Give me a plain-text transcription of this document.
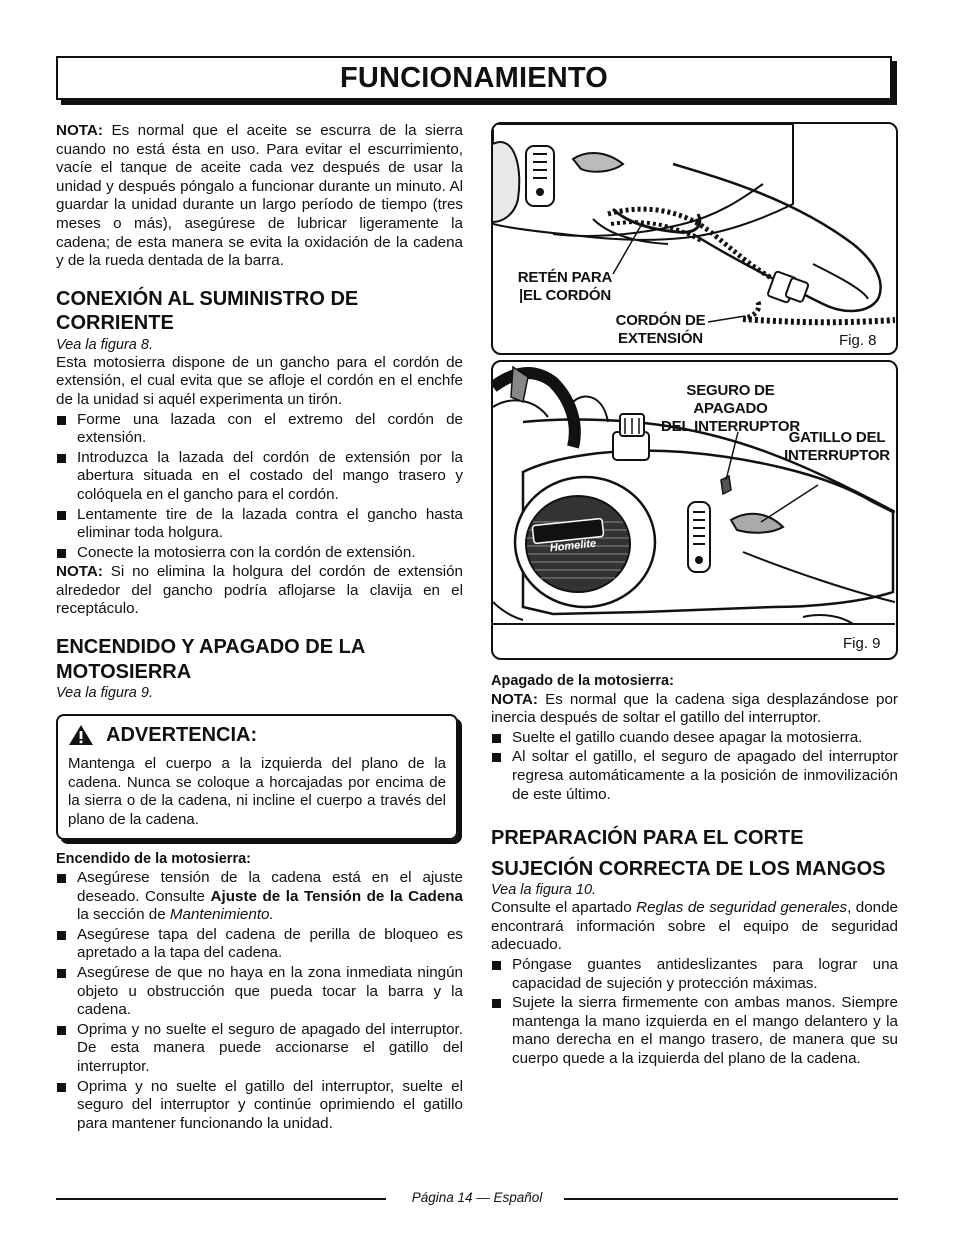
FUNCIONAMIENTO

NOTA: Es normal que el aceite se escurra de la sierra cuando no está ésta en uso. Para evitar el escurrimiento, vacíe el tanque de aceite cada vez después de usar la unidad y después póngalo a funcionar durante un minuto. Al guardar la unidad durante un largo período de tiempo (tres meses o más), asegúrese de lubricar ligeramente la cadena; de esta manera se evita la oxidación de la cadena y de la rueda dentada de la barra.

CONEXIÓN AL SUMINISTRO DE CORRIENTE
Vea la figura 8.

Esta motosierra dispone de un gancho para el cordón de extensión, el cual evita que se afloje el cordón en el enchfe de la unidad si aquél experimenta un tirón.

Forme una lazada con el extremo del cordón de extensión.
Introduzca la lazada del cordón de extensión por la abertura situada en el costado del mango trasero y colóquela en el gancho para el cordón.
Lentamente tire de la lazada contra el gancho hasta eliminar toda holgura.
Conecte la motosierra con la cordón de extensión.

NOTA: Si no elimina la holgura del cordón de extensión alrededor del gancho podría aflojarse la clavija en el receptáculo.

ENCENDIDO Y APAGADO DE LA MOTOSIERRA
Vea la figura 9.
ADVERTENCIA:

Mantenga el cuerpo a la izquierda del plano de la cadena. Nunca se coloque a horcajadas por encima de la sierra o de la cadena, ni incline el cuerpo a través del plano de la cadena.

Encendido de la motosierra:
Asegúrese tensión de la cadena está en el ajuste deseado. Consulte Ajuste de la Tensión de la Cadena la sección de Mantenimiento.
Asegúrese tapa del cadena de perilla de bloqueo es apretado a la tapa del cadena.
Asegúrese de que no haya en la zona inmediata ningún objeto u obstrucción que pueda tocar la barra y la cadena.
Oprima y no suelte el seguro de apagado del interruptor. De esta manera puede accionarse el gatillo del interruptor.
Oprima y no suelte el gatillo del interruptor, suelte el seguro del interruptor y continúe oprimiendo el gatillo para mantener funcionando la unidad.
RETÉN PARA
|EL CORDÓN
CORDÓN DE
EXTENSIÓN	Fig. 8
SEGURO DE APAGADO
DEL INTERRUPTOR
GATILLO DEL
INTERRUPTOR
Homelite
Fig. 9
Apagado de la motosierra:

NOTA: Es normal que la cadena siga desplazándose por inercia después de soltar el gatillo del interruptor.

Suelte el gatillo cuando desee apagar la motosierra.
Al soltar el gatillo, el seguro de apagado del interruptor regresa automáticamente a la posición de inmovilización de este último.
PREPARACIÓN PARA EL CORTE
SUJECIÓN CORRECTA DE LOS MANGOS
Vea la figura 10.

Consulte el apartado Reglas de seguridad generales, donde encontrará información sobre el equipo de seguridad adecuado.

Póngase guantes antideslizantes para lograr una capacidad de sujeción y protección máximas.
Sujete la sierra firmemente con ambas manos. Siempre mantenga la mano izquierda en el mango delantero y la mano derecha en el mango trasero, de manera que su cuerpo quede a la izquierda del plano de la cadena.
Página 14 — Español
